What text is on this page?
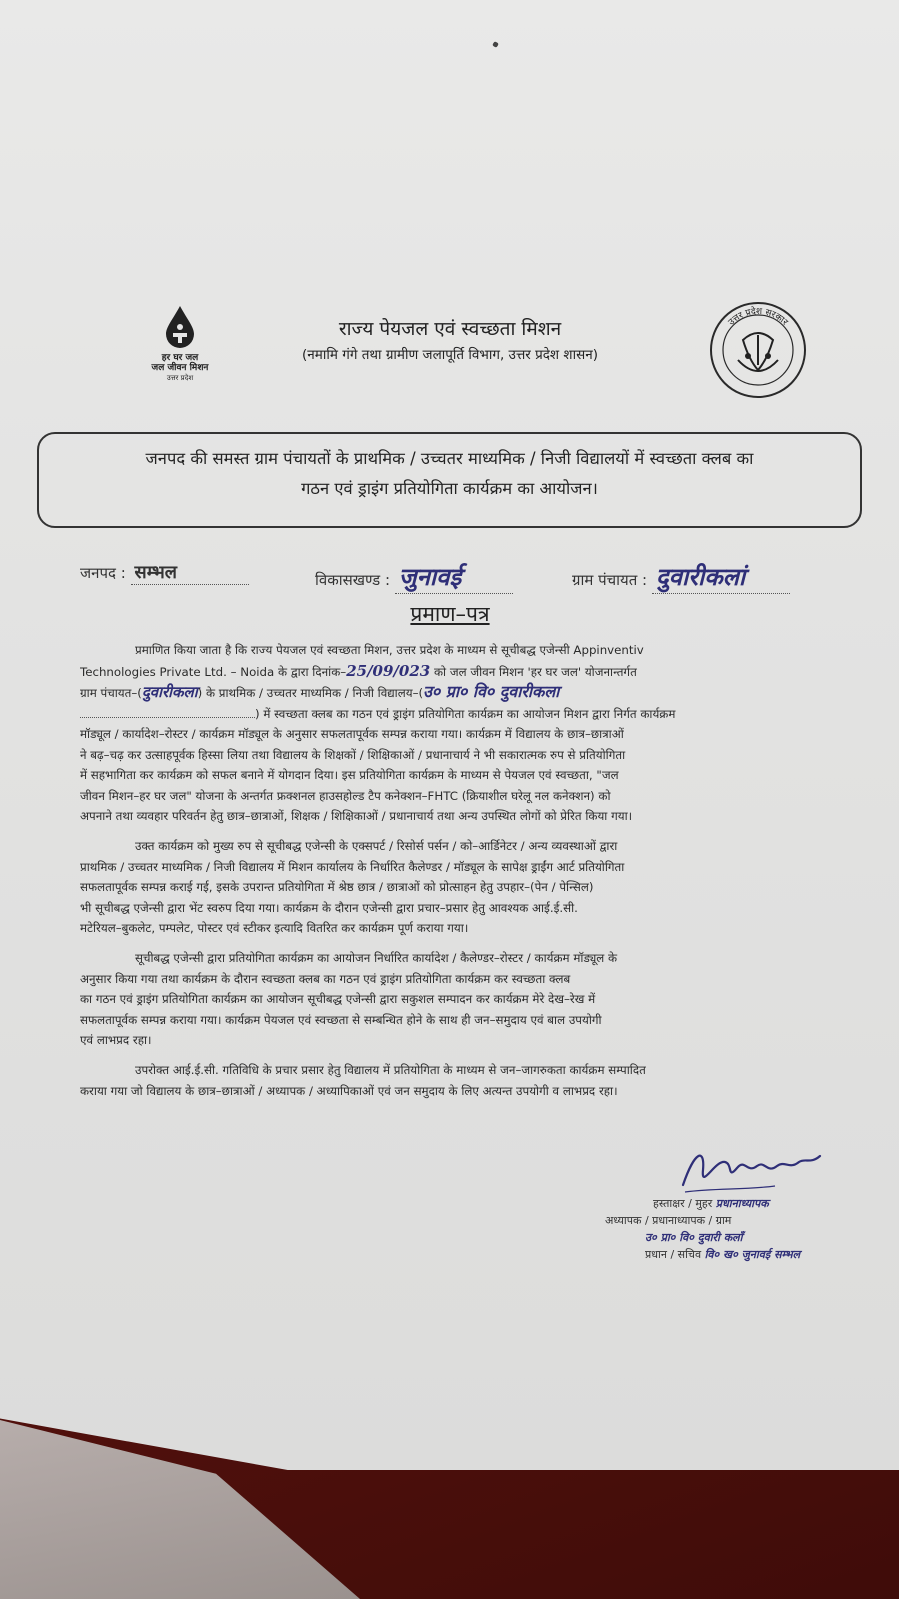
हर घर जल
जल जीवन मिशन
उत्तर प्रदेश
राज्य पेयजल एवं स्वच्छता मिशन
(नमामि गंगे तथा ग्रामीण जलापूर्ति विभाग, उत्तर प्रदेश शासन)
उत्तर प्रदेश सरकार
जनपद की समस्त ग्राम पंचायतों के प्राथमिक / उच्चतर माध्यमिक / निजी विद्यालयों में स्वच्छता क्लब का
गठन एवं ड्राइंग प्रतियोगिता कार्यक्रम का आयोजन।
जनपद : सम्भल	विकासखण्ड : जुनावई	ग्राम पंचायत : दुवारीकलां
प्रमाण–पत्र
प्रमाणित किया जाता है कि राज्य पेयजल एवं स्वच्छता मिशन, उत्तर प्रदेश के माध्यम से सूचीबद्ध एजेन्सी Appinventiv
Technologies Private Ltd. – Noida के द्वारा दिनांक–25/09/023 को जल जीवन मिशन 'हर घर जल' योजनान्तर्गत
ग्राम पंचायत–(दुवारीकला) के प्राथमिक / उच्चतर माध्यमिक / निजी विद्यालय–(उ० प्रा० वि० दुवारीकला
) में स्वच्छता क्लब का गठन एवं ड्राइंग प्रतियोगिता कार्यक्रम का आयोजन मिशन द्वारा निर्गत कार्यक्रम
मॉड्यूल / कार्यादेश–रोस्टर / कार्यक्रम मॉड्यूल के अनुसार सफलतापूर्वक सम्पन्न कराया गया। कार्यक्रम में विद्यालय के छात्र–छात्राओं
ने बढ़–चढ़ कर उत्साहपूर्वक हिस्सा लिया तथा विद्यालय के शिक्षकों / शिक्षिकाओं / प्रधानाचार्य ने भी सकारात्मक रुप से प्रतियोगिता
में सहभागिता कर कार्यक्रम को सफल बनाने में योगदान दिया। इस प्रतियोगिता कार्यक्रम के माध्यम से पेयजल एवं स्वच्छता, "जल
जीवन मिशन–हर घर जल" योजना के अन्तर्गत फ्रक्शनल हाउसहोल्ड टैप कनेक्शन–FHTC (क्रियाशील घरेलू नल कनेक्शन) को
अपनाने तथा व्यवहार परिवर्तन हेतु छात्र–छात्राओं, शिक्षक / शिक्षिकाओं / प्रधानाचार्य तथा अन्य उपस्थित लोगों को प्रेरित किया गया।
उक्त कार्यक्रम को मुख्य रुप से सूचीबद्ध एजेन्सी के एक्सपर्ट / रिसोर्स पर्सन / को–आर्डिनेटर / अन्य व्यवस्थाओं द्वारा
प्राथमिक / उच्चतर माध्यमिक / निजी विद्यालय में मिशन कार्यालय के निर्धारित कैलेण्डर / मॉड्यूल के सापेक्ष ड्राईंग आर्ट प्रतियोगिता
सफलतापूर्वक सम्पन्न कराई गई, इसके उपरान्त प्रतियोगिता में श्रेष्ठ छात्र / छात्राओं को प्रोत्साहन हेतु उपहार–(पेन / पेन्सिल)
भी सूचीबद्ध एजेन्सी द्वारा भेंट स्वरुप दिया गया। कार्यक्रम के दौरान एजेन्सी द्वारा प्रचार–प्रसार हेतु आवश्यक आई.ई.सी.
मटेरियल–बुकलेट, पम्पलेट, पोस्टर एवं स्टीकर इत्यादि वितरित कर कार्यक्रम पूर्ण कराया गया।
सूचीबद्ध एजेन्सी द्वारा प्रतियोगिता कार्यक्रम का आयोजन निर्धारित कार्यादेश / कैलेण्डर–रोस्टर / कार्यक्रम मॉड्यूल के
अनुसार किया गया तथा कार्यक्रम के दौरान स्वच्छता क्लब का गठन एवं ड्राइंग प्रतियोगिता कार्यक्रम कर स्वच्छता क्लब
का गठन एवं ड्राइंग प्रतियोगिता कार्यक्रम का आयोजन सूचीबद्ध एजेन्सी द्वारा सकुशल सम्पादन कर कार्यक्रम मेरे देख–रेख में
सफलतापूर्वक सम्पन्न कराया गया। कार्यक्रम पेयजल एवं स्वच्छता से सम्बन्धित होने के साथ ही जन–समुदाय एवं बाल उपयोगी
एवं लाभप्रद रहा।
उपरोक्त आई.ई.सी. गतिविधि के प्रचार प्रसार हेतु विद्यालय में प्रतियोगिता के माध्यम से जन–जागरुकता कार्यक्रम सम्पादित
कराया गया जो विद्यालय के छात्र–छात्राओं / अध्यापक / अध्यापिकाओं एवं जन समुदाय के लिए अत्यन्त उपयोगी व लाभप्रद रहा।
हस्ताक्षर / मुहर प्रधानाध्यापक
अध्यापक / प्रधानाध्यापक / ग्राम
उ० प्रा० वि० दुवारी कलाँ
प्रधान / सचिव वि० ख० जुनावई सम्भल
